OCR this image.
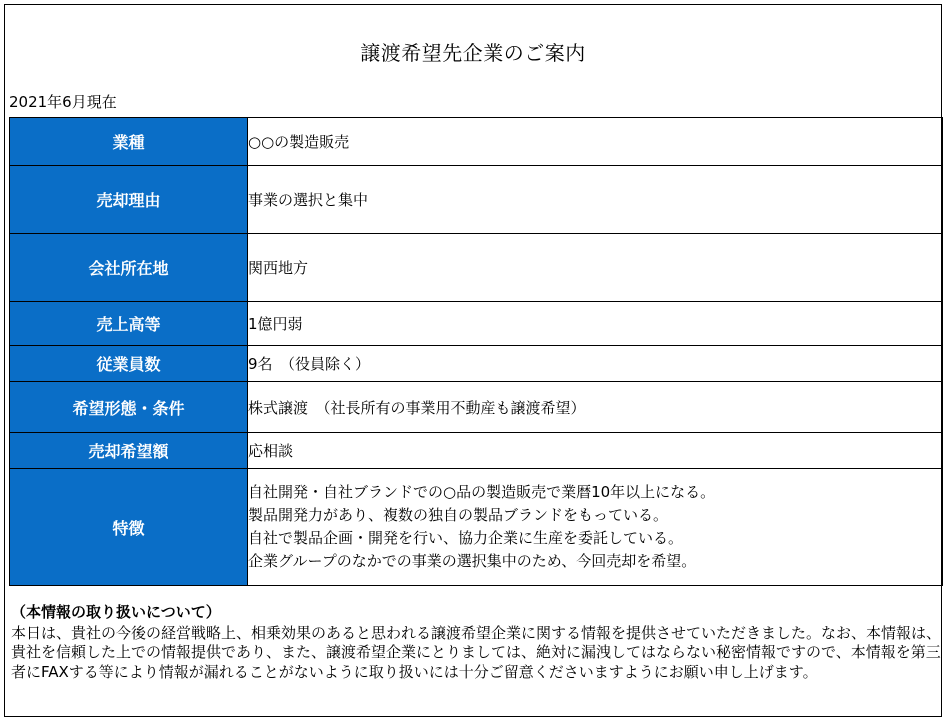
譲渡希望先企業のご案内
2021年6月現在
業種	○○の製造販売
売却理由	事業の選択と集中
会社所在地	関西地方
売上高等	1億円弱
従業員数	9名　（役員除く）
希望形態・条件	株式譲渡　（社長所有の事業用不動産も譲渡希望）
売却希望額	応相談
特徴	自社開発・自社ブランドでの○品の製造販売で業暦10年以上になる。
製品開発力があり、複数の独自の製品ブランドをもっている。
自社で製品企画・開発を行い、協力企業に生産を委託している。
企業グループのなかでの事業の選択集中のため、今回売却を希望。
（本情報の取り扱いについて）
本日は、貴社の今後の経営戦略上、相乗効果のあると思われる譲渡希望企業に関する情報を提供させていただきました。なお、本情報は、貴社を信頼した上での情報提供であり、また、譲渡希望企業にとりましては、絶対に漏洩してはならない秘密情報ですので、本情報を第三者にFAXする等により情報が漏れることがないように取り扱いには十分ご留意くださいますようにお願い申し上げます。
